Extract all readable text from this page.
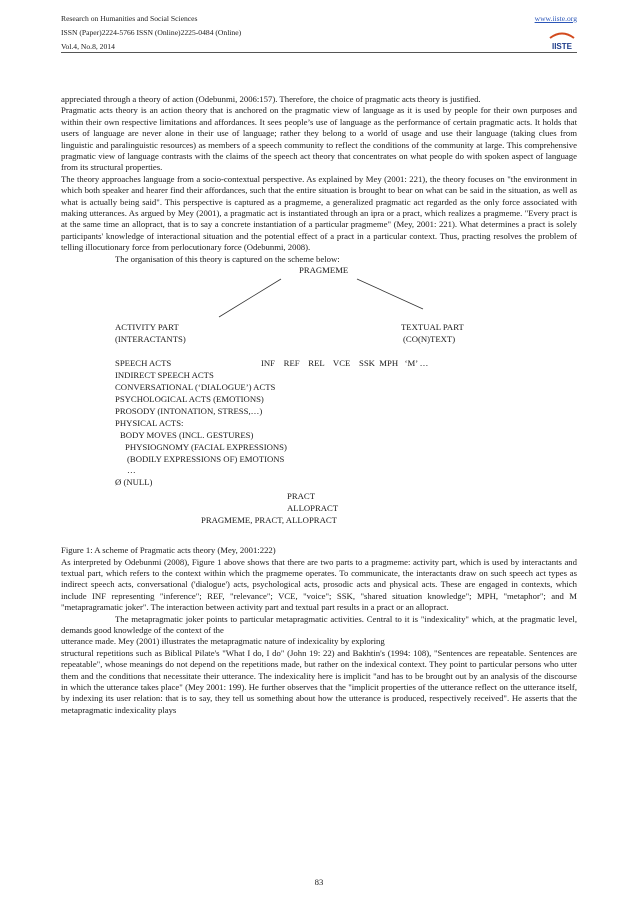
Research on Humanities and Social Sciences
ISSN (Paper)2224-5766 ISSN (Online)2225-0484 (Online)
Vol.4, No.8, 2014
www.iiste.org
IISTE

appreciated through a theory of action (Odebunmi, 2006:157). Therefore, the choice of pragmatic acts theory is justified.

Pragmatic acts theory is an action theory that is anchored on the pragmatic view of language as it is used by people for their own purposes and within their own respective limitations and affordances. It sees people’s use of language as the performance of certain pragmatic acts. It holds that users of language are never alone in their use of language; rather they belong to a world of usage and use their language (taking clues from linguistic and paralinguistic resources) as members of a speech community to reflect the conditions of the community at large. This comprehensive pragmatic view of language contrasts with the claims of the speech act theory that concentrates on what people do with spoken aspect of language from its structural properties.

The theory approaches language from a socio-contextual perspective. As explained by Mey (2001: 221), the theory focuses on "the environment in which both speaker and hearer find their affordances, such that the entire situation is brought to bear on what can be said in the situation, as well as what is actually being said". This perspective is captured as a pragmeme, a generalized pragmatic act regarded as the only force associated with making utterances. As argued by Mey (2001), a pragmatic act is instantiated through an ipra or a pract, which realizes a pragmeme. "Every pract is at the same time an allopract, that is to say a concrete instantiation of a particular pragmeme" (Mey, 2001: 221). What determines a pract is solely participants' knowledge of interactional situation and the potential effect of a pract in a particular context. Thus, practing resolves the problem of telling illocutionary force from perlocutionary force (Odebunmi, 2008).

The organisation of this theory is captured on the scheme below:

PRAGMEME
ACTIVITY PART
(INTERACTANTS)
TEXTUAL PART
(CO(N)TEXT)
SPEECH ACTS	INF    REF    REL    VCE    SSK  MPH   ‘M’ …
INDIRECT SPEECH ACTS
CONVERSATIONAL (‘DIALOGUE’) ACTS
PSYCHOLOGICAL ACTS (EMOTIONS)
PROSODY (INTONATION, STRESS,…)
PHYSICAL ACTS:
BODY MOVES (INCL. GESTURES)
PHYSIOGNOMY (FACIAL EXPRESSIONS)
(BODILY EXPRESSIONS OF) EMOTIONS
…
Ø (NULL)
PRACT
ALLOPRACT
PRAGMEME, PRACT, ALLOPRACT

Figure 1: A scheme of Pragmatic acts theory (Mey, 2001:222)

As interpreted by Odebunmi (2008), Figure 1 above shows that there are two parts to a pragmeme: activity part, which is used by interactants and textual part, which refers to the context within which the pragmeme operates. To communicate, the interactants draw on such speech act types as indirect speech acts, conversational ('dialogue') acts, psychological acts, prosodic acts and physical acts. These are engaged in contexts, which include INF representing "inference"; REF, "relevance"; VCE, "voice"; SSK, "shared situation knowledge"; MPH, "metaphor"; and M "metapragramatic joker". The interaction between activity part and textual part results in a pract or an allopract.

The metapragmatic joker points to particular metapragmatic activities. Central to it is "indexicality" which, at the pragmatic level, demands good knowledge of the context of the

utterance made. Mey (2001) illustrates the metapragmatic nature of indexicality by exploring

structural repetitions such as Biblical Pilate's "What I do, I do" (John 19: 22) and Bakhtin's (1994: 108), "Sentences are repeatable. Sentences are repeatable", whose meanings do not depend on the repetitions made, but rather on the indexical context. They point to particular persons who utter them and the conditions that necessitate their utterance. The indexicality here is implicit "and has to be brought out by an analysis of the discourse in which the utterance takes place" (Mey 2001: 199). He further observes that the "implicit properties of the utterance reflect on the utterance itself, by indexing its user relation: that is to say, they tell us something about how the utterance is produced, respectively received". He asserts that the metapragmatic indexicality plays

83
